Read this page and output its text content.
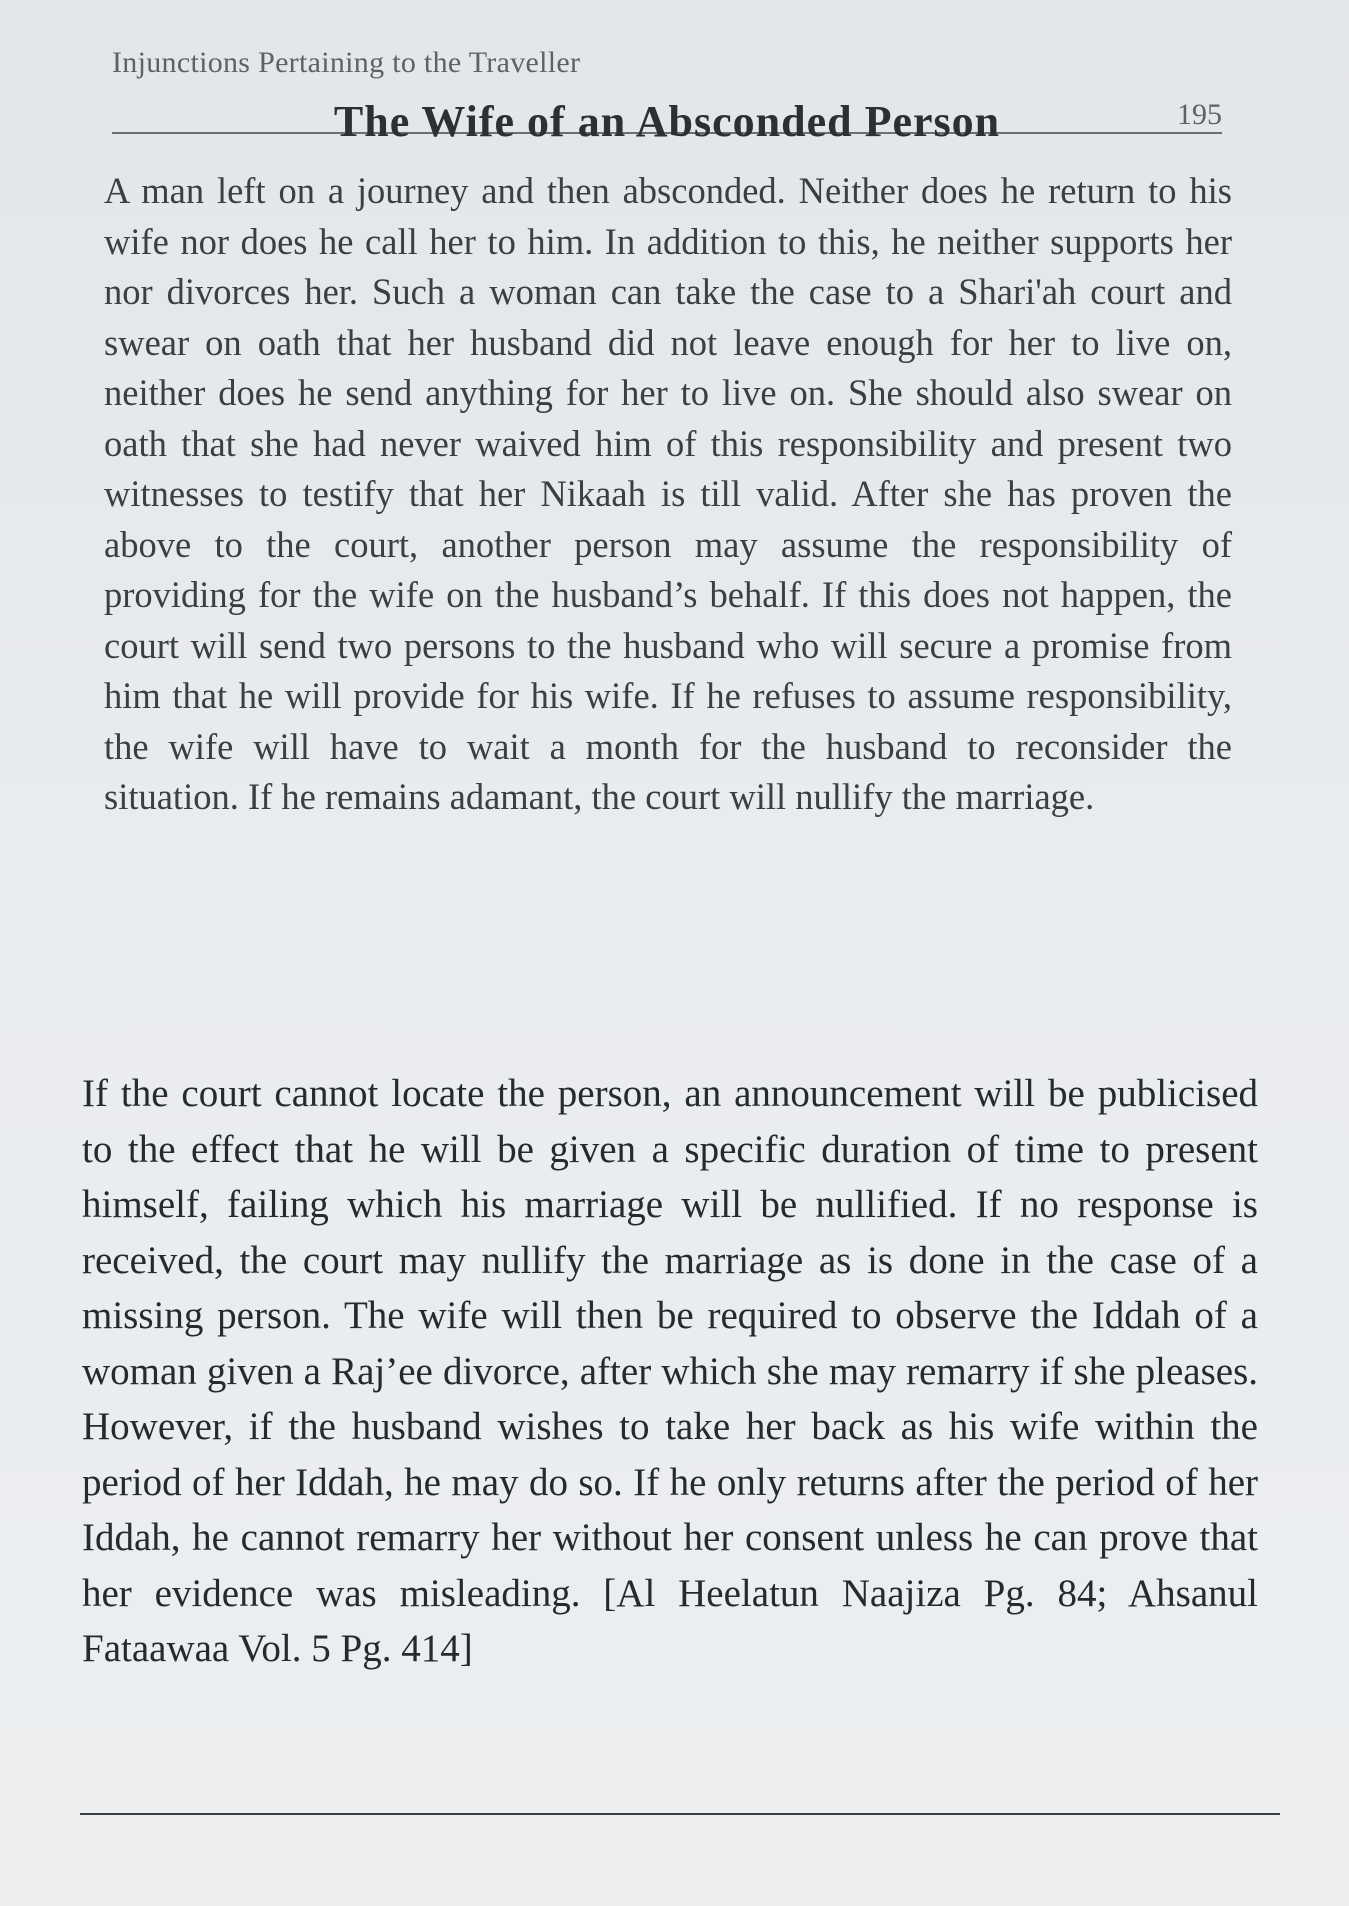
Injunctions Pertaining to the Traveller
195
The Wife of an Absconded Person

A man left on a journey and then absconded. Neither does he return to his wife nor does he call her to him. In addition to this, he neither supports her nor divorces her. Such a woman can take the case to a Shari'ah court and swear on oath that her husband did not leave enough for her to live on, neither does he send anything for her to live on. She should also swear on oath that she had never waived him of this responsibility and present two witnesses to testify that her Nikaah is till valid. After she has proven the above to the court, another person may assume the responsibility of providing for the wife on the husband’s behalf. If this does not happen, the court will send two persons to the husband who will secure a promise from him that he will provide for his wife. If he refuses to assume responsibility, the wife will have to wait a month for the husband to reconsider the situation. If he remains adamant, the court will nullify the marriage.

If the court cannot locate the person, an announcement will be publicised to the effect that he will be given a specific duration of time to present himself, failing which his marriage will be nullified. If no response is received, the court may nullify the marriage as is done in the case of a missing person. The wife will then be required to observe the Iddah of a woman given a Raj’ee divorce, after which she may remarry if she pleases. However, if the husband wishes to take her back as his wife within the period of her Iddah, he may do so. If he only returns after the period of her Iddah, he cannot remarry her without her consent unless he can prove that her evidence was misleading. [Al Heelatun Naajiza Pg. 84; Ahsanul Fataawaa Vol. 5 Pg. 414]
